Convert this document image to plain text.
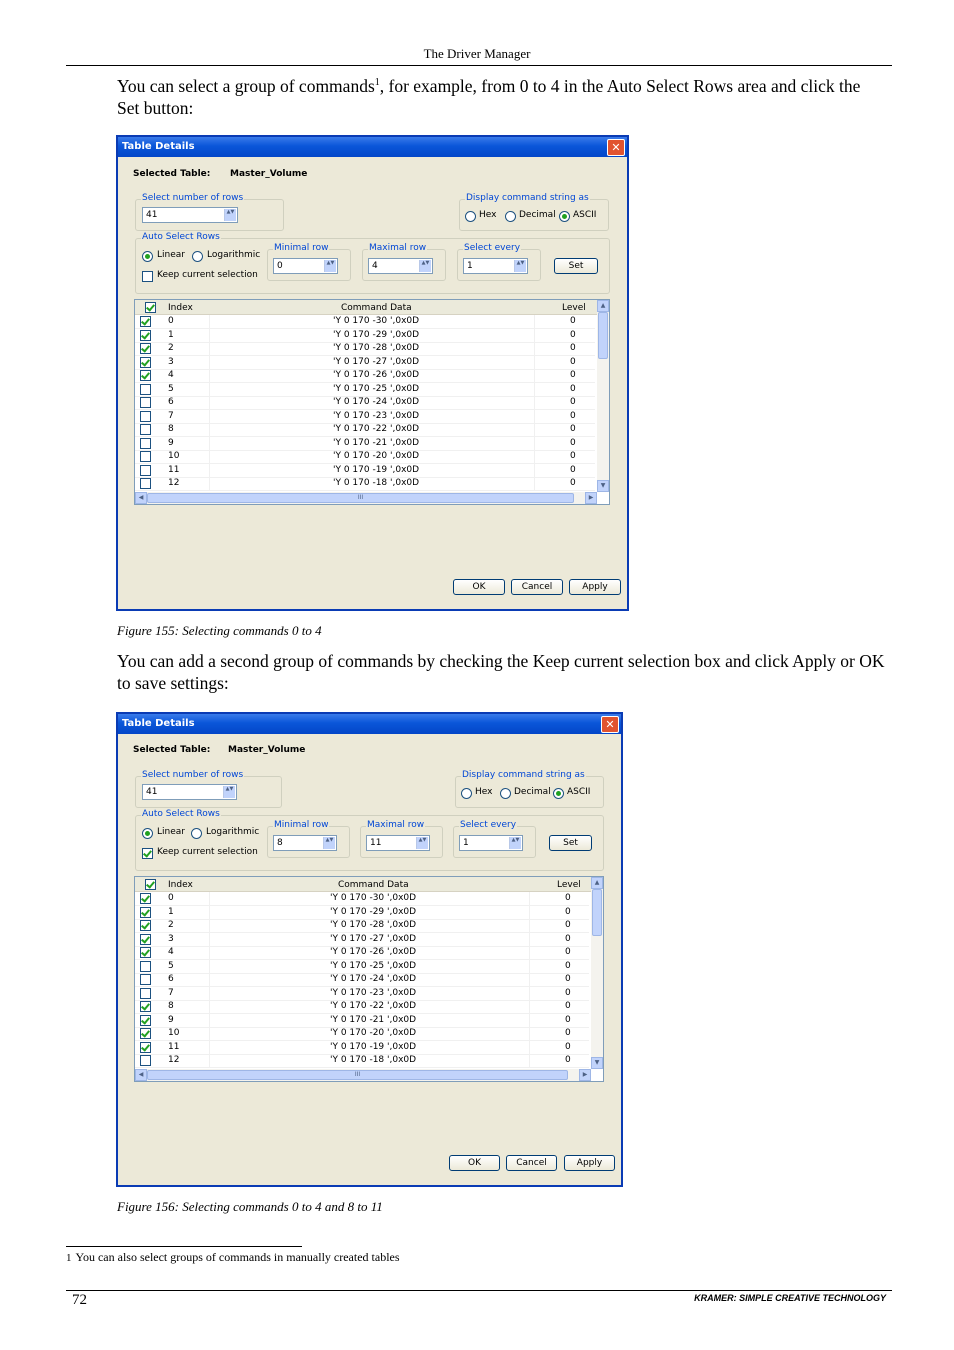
The Driver Manager
You can select a group of commands$^1$, for example, from 0 to 4 in the Auto Select Rows area and click the Set button:
Table Details	✕
Selected Table: Master_Volume
Select number of rows
41	▲▼
Display command string as
Hex	Decimal ASCII
Auto Select Rows
Linear Logarithmic
Keep current selection
Minimal row
0	▲▼
Maximal row
4	▲▼
Select every
1	▲▼	Set
Index	Command Data	Level
0	'Y 0 170 -30 ',0x0D	0
1	'Y 0 170 -29 ',0x0D	0
2	'Y 0 170 -28 ',0x0D	0
3	'Y 0 170 -27 ',0x0D	0
4	'Y 0 170 -26 ',0x0D	0
5	'Y 0 170 -25 ',0x0D	0
6	'Y 0 170 -24 ',0x0D	0
7	'Y 0 170 -23 ',0x0D	0
8	'Y 0 170 -22 ',0x0D	0
9	'Y 0 170 -21 ',0x0D	0
10	'Y 0 170 -20 ',0x0D	0
11	'Y 0 170 -19 ',0x0D	0
12	'Y 0 170 -18 ',0x0D	0
▲
▼
◀	III	▶
OK	Cancel	Apply
Figure 155: Selecting commands 0 to 4
You can add a second group of commands by checking the Keep current selection box and click Apply or OK to save settings:
Table Details	✕
Selected Table: Master_Volume
Select number of rows
41	▲▼
Display command string as
Hex Decimal ASCII
Auto Select Rows
Linear Logarithmic
Keep current selection
Minimal row
8	▲▼
Maximal row
11	▲▼
Select every
1	▲▼	Set
Index	Command Data	Level
0	'Y 0 170 -30 ',0x0D	0
1	'Y 0 170 -29 ',0x0D	0
2	'Y 0 170 -28 ',0x0D	0
3	'Y 0 170 -27 ',0x0D	0
4	'Y 0 170 -26 ',0x0D	0
5	'Y 0 170 -25 ',0x0D	0
6	'Y 0 170 -24 ',0x0D	0
7	'Y 0 170 -23 ',0x0D	0
8	'Y 0 170 -22 ',0x0D	0
9	'Y 0 170 -21 ',0x0D	0
10	'Y 0 170 -20 ',0x0D	0
11	'Y 0 170 -19 ',0x0D	0
12	'Y 0 170 -18 ',0x0D	0
▲
▼
◀	III	▶
OK	Cancel	Apply
Figure 156: Selecting commands 0 to 4 and 8 to 11
1 You can also select groups of commands in manually created tables
72	KRAMER: SIMPLE CREATIVE TECHNOLOGY
